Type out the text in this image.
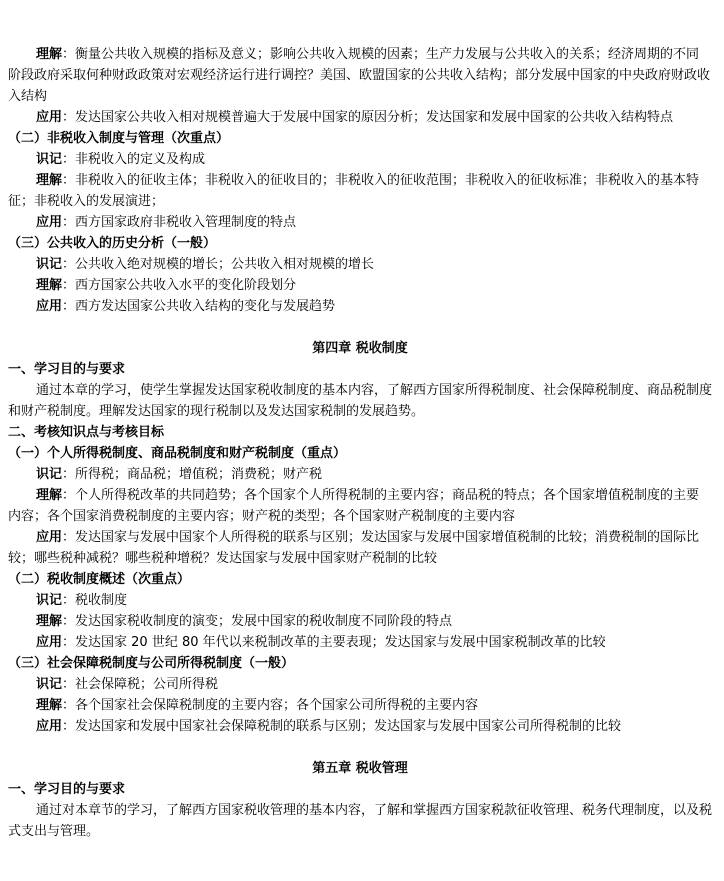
理解：衡量公共收入规模的指标及意义；影响公共收入规模的因素；生产力发展与公共收入的关系；经济周期的不同阶段政府采取何种财政政策对宏观经济运行进行调控？美国、欧盟国家的公共收入结构；部分发展中国家的中央政府财政收入结构

应用：发达国家公共收入相对规模普遍大于发展中国家的原因分析；发达国家和发展中国家的公共收入结构特点

（二）非税收入制度与管理（次重点）

识记：非税收入的定义及构成

理解：非税收入的征收主体；非税收入的征收目的；非税收入的征收范围；非税收入的征收标准；非税收入的基本特征；非税收入的发展演进；

应用：西方国家政府非税收入管理制度的特点

（三）公共收入的历史分析（一般）

识记：公共收入绝对规模的增长；公共收入相对规模的增长

理解：西方国家公共收入水平的变化阶段划分

应用：西方发达国家公共收入结构的变化与发展趋势

第四章 税收制度

一、学习目的与要求

通过本章的学习，使学生掌握发达国家税收制度的基本内容，了解西方国家所得税制度、社会保障税制度、商品税制度和财产税制度。理解发达国家的现行税制以及发达国家税制的发展趋势。

二、考核知识点与考核目标

（一）个人所得税制度、商品税制度和财产税制度（重点）

识记：所得税；商品税；增值税；消费税；财产税

理解：个人所得税改革的共同趋势；各个国家个人所得税制的主要内容；商品税的特点；各个国家增值税制度的主要内容；各个国家消费税制度的主要内容；财产税的类型；各个国家财产税制度的主要内容

应用：发达国家与发展中国家个人所得税的联系与区别；发达国家与发展中国家增值税制的比较；消费税制的国际比较；哪些税种减税？哪些税种增税？发达国家与发展中国家财产税制的比较

（二）税收制度概述（次重点）

识记：税收制度

理解：发达国家税收制度的演变；发展中国家的税收制度不同阶段的特点

应用：发达国家 20 世纪 80 年代以来税制改革的主要表现；发达国家与发展中国家税制改革的比较

（三）社会保障税制度与公司所得税制度（一般）

识记：社会保障税；公司所得税

理解：各个国家社会保障税制度的主要内容；各个国家公司所得税的主要内容

应用：发达国家和发展中国家社会保障税制的联系与区别；发达国家与发展中国家公司所得税制的比较

第五章 税收管理

一、学习目的与要求

通过对本章节的学习，了解西方国家税收管理的基本内容，了解和掌握西方国家税款征收管理、税务代理制度，以及税式支出与管理。
